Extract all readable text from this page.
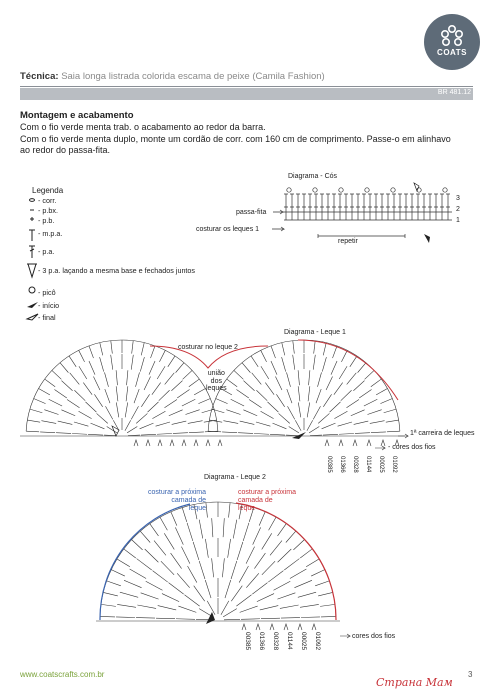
COATS
Técnica: Saia longa listrada colorida escama de peixe (Camila Fashion)
BR 481.12
Montagem e acabamento
Com o fio verde menta trab. o acabamento ao redor da barra.
Com o fio verde menta duplo, monte um cordão de corr. com 160 cm de comprimento. Passe-o em alinhavo
ao redor do passa-fita.
Legenda
- corr.
- p.bx.
- p.b.
- m.p.a.
- p.a.
- 3 p.a. laçando a mesma base e fechados juntos
- picô
- início
- final
Diagrama - Cós
passa-fita
costurar os leques 1
repetir
3
2
1
Diagrama - Leque 1
costurar no leque 2
união
dos
leques
1ª carreira de leques
- cores dos fios
00385 01366 00328 01144 00025 01092
Diagrama - Leque 2
costurar a próxima
camada de
leque
costurar a próxima
camada de
leque
cores dos fios
00385 01366 00328 01144 00025 01092
www.coatscrafts.com.br	3
Страна Мам
